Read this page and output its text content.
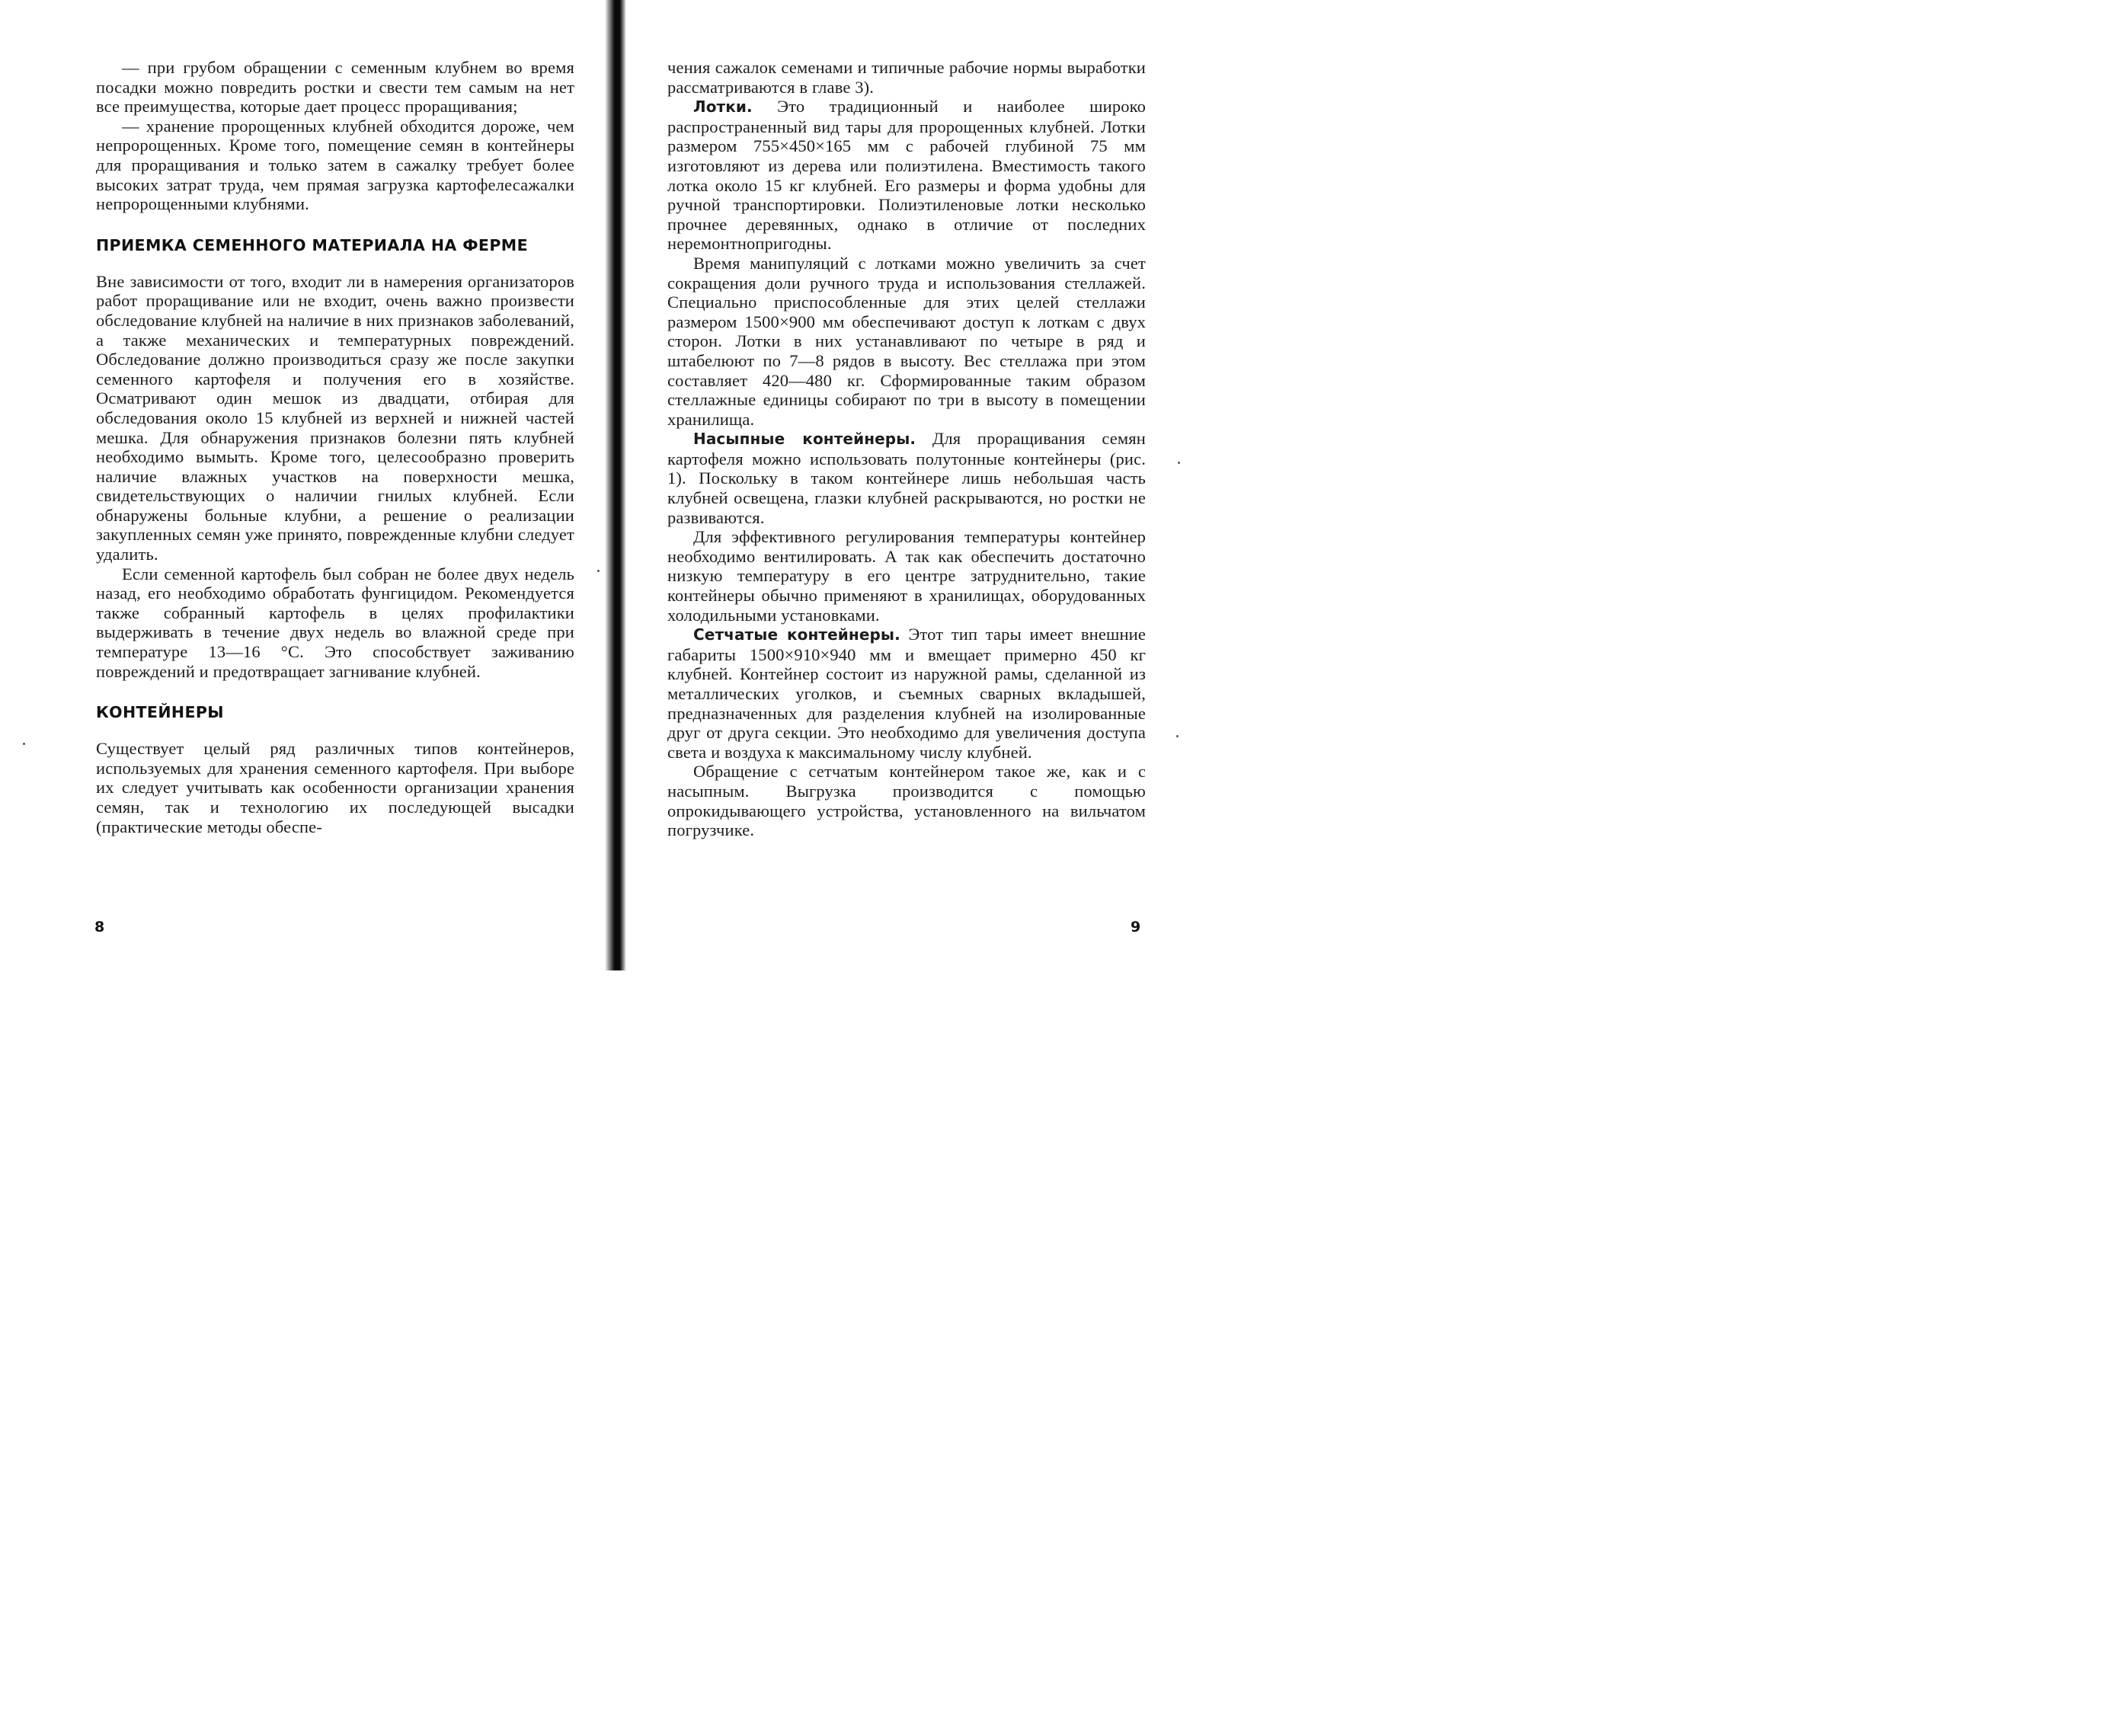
— при грубом обращении с семенным клубнем во время посадки можно повредить ростки и свести тем самым на нет все преимущества, которые дает процесс проращивания;

— хранение пророщенных клубней обходится дороже, чем непророщенных. Кроме того, помещение семян в контейнеры для проращивания и только затем в сажалку требует более высоких затрат труда, чем прямая загрузка картофелесажалки непророщенными клубнями.

ПРИЕМКА СЕМЕННОГО МАТЕРИАЛА НА ФЕРМЕ

Вне зависимости от того, входит ли в намерения организаторов работ проращивание или не входит, очень важно произвести обследование клубней на наличие в них признаков заболеваний, а также механических и температурных повреждений. Обследование должно производиться сразу же после закупки семенного картофеля и получения его в хозяйстве. Осматривают один мешок из двадцати, отбирая для обследования около 15 клубней из верхней и нижней частей мешка. Для обнаружения признаков болезни пять клубней необходимо вымыть. Кроме того, целесообразно проверить наличие влажных участков на поверхности мешка, свидетельствующих о наличии гнилых клубней. Если обнаружены больные клубни, а решение о реализации закупленных семян уже принято, поврежденные клубни следует удалить.

Если семенной картофель был собран не более двух недель назад, его необходимо обработать фунгицидом. Рекомендуется также собранный картофель в целях профилактики выдерживать в течение двух недель во влажной среде при температуре 13—16 °С. Это способствует заживанию повреждений и предотвращает загнивание клубней.

КОНТЕЙНЕРЫ

Существует целый ряд различных типов контейнеров, используемых для хранения семенного картофеля. При выборе их следует учитывать как особенности организации хранения семян, так и технологию их последующей высадки (практические методы обеспе-

8

чения сажалок семенами и типичные рабочие нормы выработки рассматриваются в главе 3).

Лотки. Это традиционный и наиболее широко распространенный вид тары для пророщенных клубней. Лотки размером 755×450×165 мм с рабочей глубиной 75 мм изготовляют из дерева или полиэтилена. Вместимость такого лотка около 15 кг клубней. Его размеры и форма удобны для ручной транспортировки. Полиэтиленовые лотки несколько прочнее деревянных, однако в отличие от последних неремонтнопригодны.

Время манипуляций с лотками можно увеличить за счет сокращения доли ручного труда и использования стеллажей. Специально приспособленные для этих целей стеллажи размером 1500×900 мм обеспечивают доступ к лоткам с двух сторон. Лотки в них устанавливают по четыре в ряд и штабелюют по 7—8 рядов в высоту. Вес стеллажа при этом составляет 420—480 кг. Сформированные таким образом стеллажные единицы собирают по три в высоту в помещении хранилища.

Насыпные контейнеры. Для проращивания семян картофеля можно использовать полутонные контейнеры (рис. 1). Поскольку в таком контейнере лишь небольшая часть клубней освещена, глазки клубней раскрываются, но ростки не развиваются.

Для эффективного регулирования температуры контейнер необходимо вентилировать. А так как обеспечить достаточно низкую температуру в его центре затруднительно, такие контейнеры обычно применяют в хранилищах, оборудованных холодильными установками.

Сетчатые контейнеры. Этот тип тары имеет внешние габариты 1500×910×940 мм и вмещает примерно 450 кг клубней. Контейнер состоит из наружной рамы, сделанной из металлических уголков, и съемных сварных вкладышей, предназначенных для разделения клубней на изолированные друг от друга секции. Это необходимо для увеличения доступа света и воздуха к максимальному числу клубней.

Обращение с сетчатым контейнером такое же, как и с насыпным. Выгрузка производится с помощью опрокидывающего устройства, установленного на вильчатом погрузчике.

9
